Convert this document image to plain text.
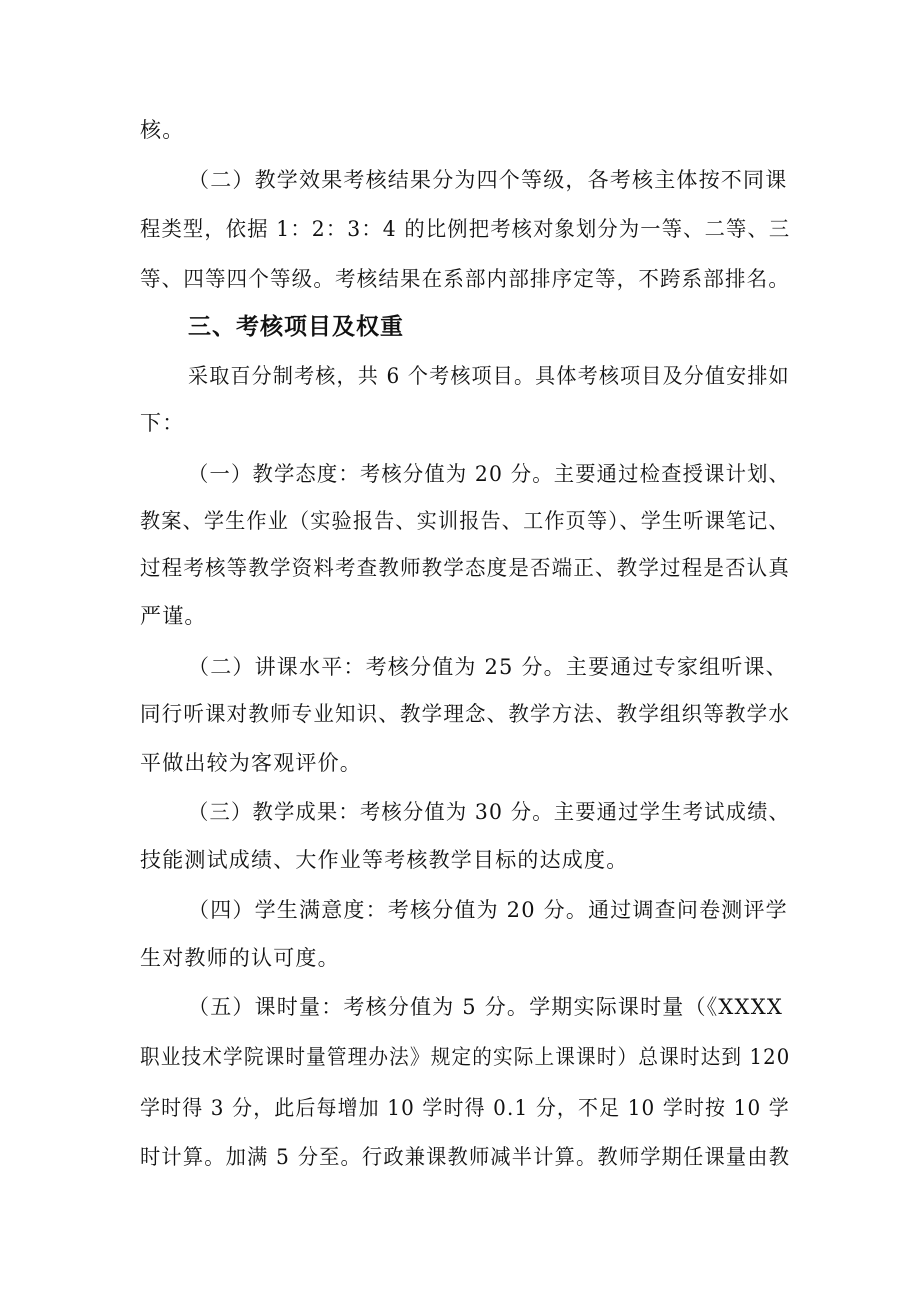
核。
（二）教学效果考核结果分为四个等级，各考核主体按不同课
程类型，依据 1：2：3：4 的比例把考核对象划分为一等、二等、三
等、四等四个等级。考核结果在系部内部排序定等，不跨系部排名。
三、考核项目及权重
采取百分制考核，共 6 个考核项目。具体考核项目及分值安排如
下：
（一）教学态度：考核分值为 20 分。主要通过检查授课计划、
教案、学生作业（实验报告、实训报告、工作页等）、学生听课笔记、
过程考核等教学资料考查教师教学态度是否端正、教学过程是否认真
严谨。
（二）讲课水平：考核分值为 25 分。主要通过专家组听课、
同行听课对教师专业知识、教学理念、教学方法、教学组织等教学水
平做出较为客观评价。
（三）教学成果：考核分值为 30 分。主要通过学生考试成绩、
技能测试成绩、大作业等考核教学目标的达成度。
（四）学生满意度：考核分值为 20 分。通过调查问卷测评学
生对教师的认可度。
（五）课时量：考核分值为 5 分。学期实际课时量（《XXXX
职业技术学院课时量管理办法》规定的实际上课课时）总课时达到 120
学时得 3 分，此后每增加 10 学时得 0.1 分，不足 10 学时按 10 学
时计算。加满 5 分至。行政兼课教师减半计算。教师学期任课量由教
